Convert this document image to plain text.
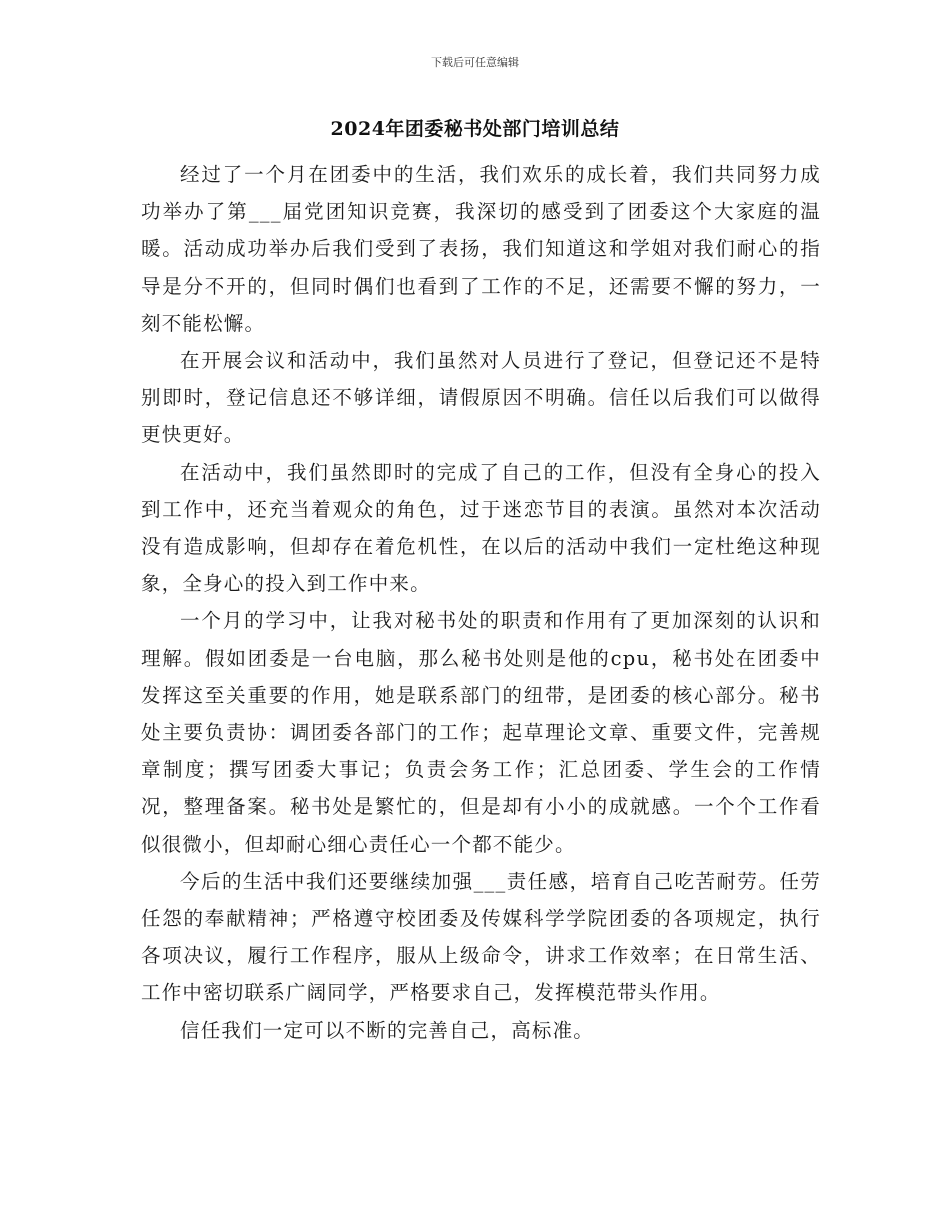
下载后可任意编辑
2024年团委秘书处部门培训总结

经过了一个月在团委中的生活，我们欢乐的成长着，我们共同努力成功举办了第___届党团知识竞赛，我深切的感受到了团委这个大家庭的温暖。活动成功举办后我们受到了表扬，我们知道这和学姐对我们耐心的指导是分不开的，但同时偶们也看到了工作的不足，还需要不懈的努力，一刻不能松懈。

在开展会议和活动中，我们虽然对人员进行了登记，但登记还不是特别即时，登记信息还不够详细，请假原因不明确。信任以后我们可以做得更快更好。

在活动中，我们虽然即时的完成了自己的工作，但没有全身心的投入到工作中，还充当着观众的角色，过于迷恋节目的表演。虽然对本次活动没有造成影响，但却存在着危机性，在以后的活动中我们一定杜绝这种现象，全身心的投入到工作中来。

一个月的学习中，让我对秘书处的职责和作用有了更加深刻的认识和理解。假如团委是一台电脑，那么秘书处则是他的cpu，秘书处在团委中发挥这至关重要的作用，她是联系部门的纽带，是团委的核心部分。秘书处主要负责协：调团委各部门的工作；起草理论文章、重要文件，完善规章制度；撰写团委大事记；负责会务工作；汇总团委、学生会的工作情况，整理备案。秘书处是繁忙的，但是却有小小的成就感。一个个工作看似很微小，但却耐心细心责任心一个都不能少。

今后的生活中我们还要继续加强___责任感，培育自己吃苦耐劳。任劳任怨的奉献精神；严格遵守校团委及传媒科学学院团委的各项规定，执行各项决议，履行工作程序，服从上级命令，讲求工作效率；在日常生活、工作中密切联系广阔同学，严格要求自己，发挥模范带头作用。

信任我们一定可以不断的完善自己，高标准。
